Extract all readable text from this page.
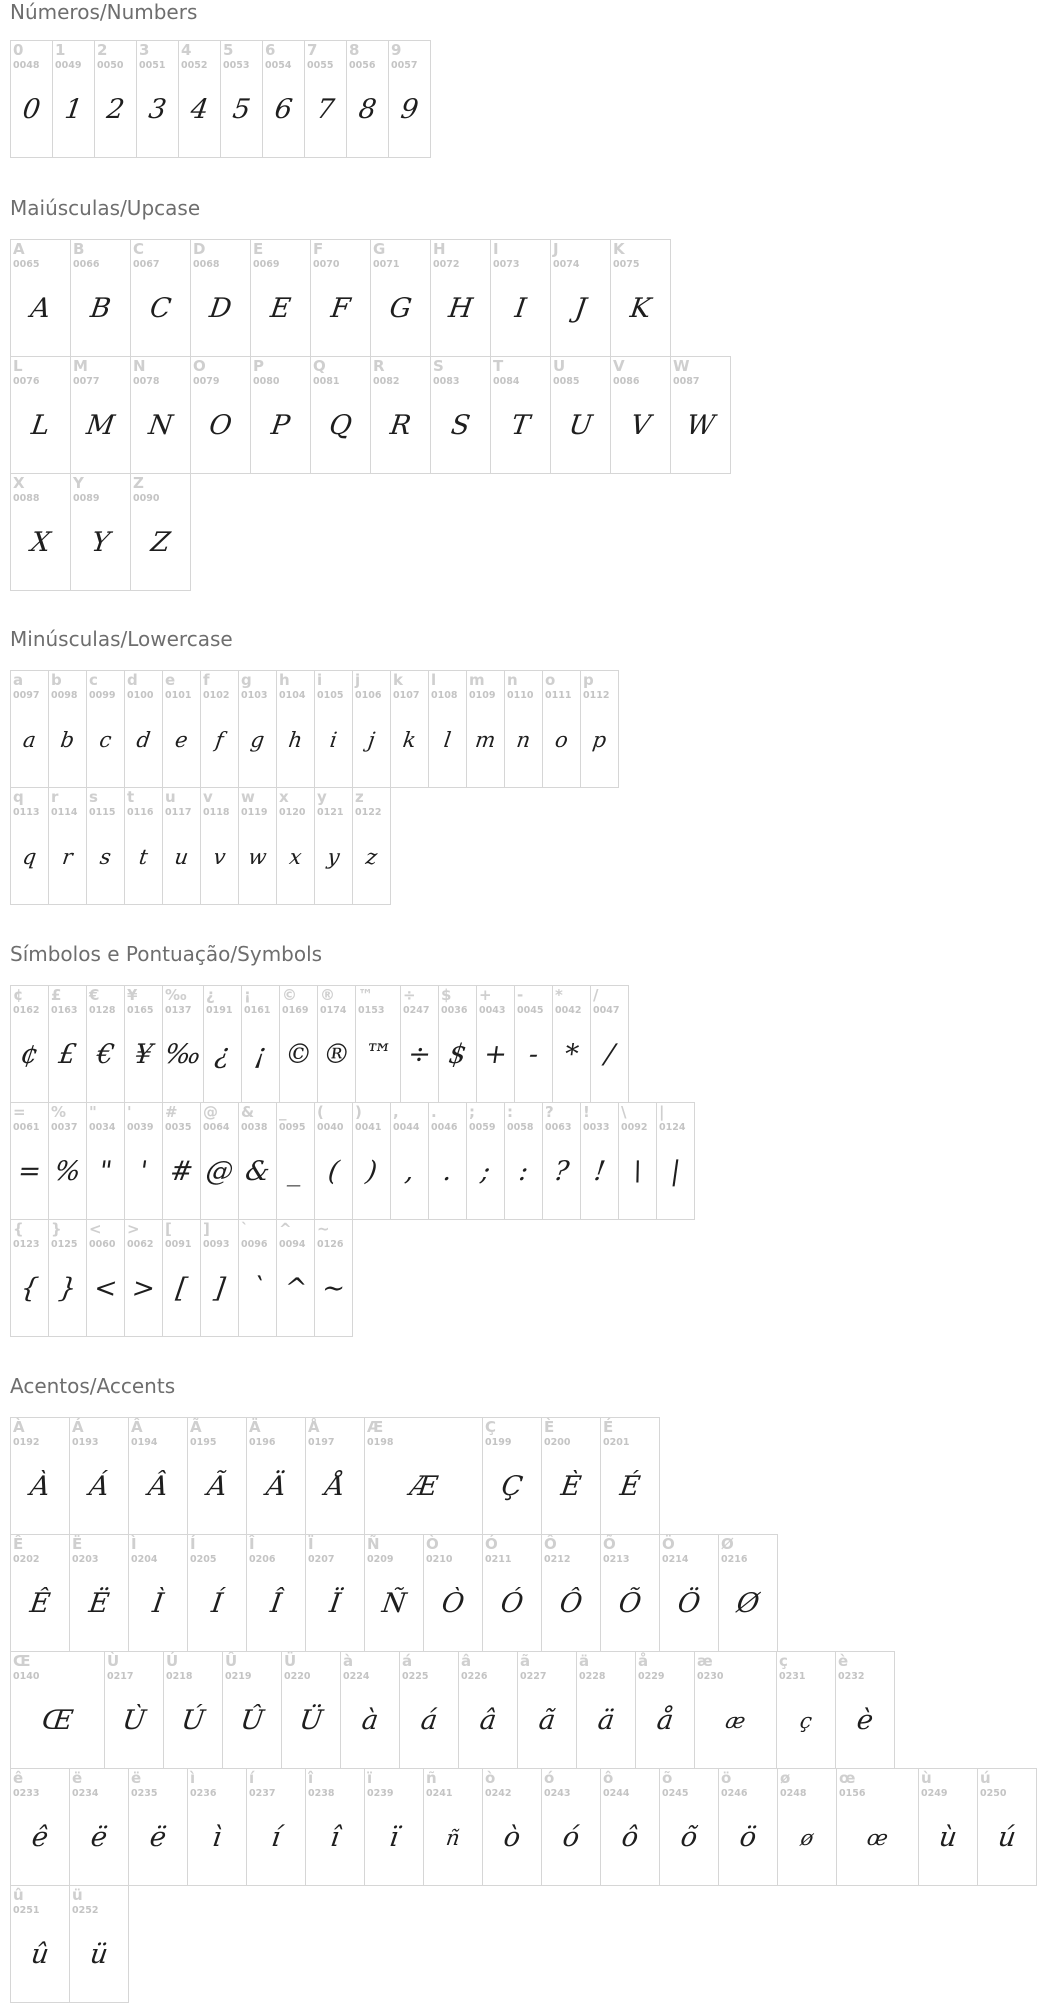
Números/Numbers
0
0048
0
1
0049
1
2
0050
2
3
0051
3
4
0052
4
5
0053
5
6
0054
6
7
0055
7
8
0056
8
9
0057
9
Maiúsculas/Upcase
A
0065
A
B
0066
B
C
0067
C
D
0068
D
E
0069
E
F
0070
F
G
0071
G
H
0072
H
I
0073
I
J
0074
J
K
0075
K
L
0076
L
M
0077
M
N
0078
N
O
0079
O
P
0080
P
Q
0081
Q
R
0082
R
S
0083
S
T
0084
T
U
0085
U
V
0086
V
W
0087
W
X
0088
X
Y
0089
Y
Z
0090
Z
Minúsculas/Lowercase
a
0097
a
b
0098
b
c
0099
c
d
0100
d
e
0101
e
f
0102
f
g
0103
g
h
0104
h
i
0105
i
j
0106
j
k
0107
k
l
0108
l
m
0109
m
n
0110
n
o
0111
o
p
0112
p
q
0113
q
r
0114
r
s
0115
s
t
0116
t
u
0117
u
v
0118
v
w
0119
w
x
0120
x
y
0121
y
z
0122
z
Símbolos e Pontuação/Symbols
¢
0162
¢
£
0163
£
€
0128
€
¥
0165
¥
‰
0137
‰
¿
0191
¿
¡
0161
¡
©
0169
©
®
0174
®
™
0153
™
÷
0247
÷
$
0036
$
+
0043
+
-
0045
-
*
0042
*
/
0047
/
=
0061
=
%
0037
%
"
0034
"
'
0039
'
#
0035
#
@
0064
@
&
0038
&
_
0095
_
(
0040
(
)
0041
)
,
0044
,
.
0046
.
;
0059
;
:
0058
:
?
0063
?
!
0033
!
\
0092
\
|
0124
|
{
0123
{
}
0125
}
<
0060
<
>
0062
>
[
0091
[
]
0093
]
`
0096
`
^
0094
^
~
0126
~
Acentos/Accents
À
0192
À
Á
0193
Á
Â
0194
Â
Ã
0195
Ã
Ä
0196
Ä
Å
0197
Å
Æ
0198
Æ
Ç
0199
Ç
È
0200
È
É
0201
É
Ê
0202
Ê
Ë
0203
Ë
Ì
0204
Ì
Í
0205
Í
Î
0206
Î
Ï
0207
Ï
Ñ
0209
Ñ
Ò
0210
Ò
Ó
0211
Ó
Ô
0212
Ô
Õ
0213
Õ
Ö
0214
Ö
Ø
0216
Ø
Œ
0140
Œ
Ù
0217
Ù
Ú
0218
Ú
Û
0219
Û
Ü
0220
Ü
à
0224
à
á
0225
á
â
0226
â
ã
0227
ã
ä
0228
ä
å
0229
å
æ
0230
æ
ç
0231
ç
è
0232
è
ê
0233
ê
ë
0234
ë
ë
0235
ë
ì
0236
ì
í
0237
í
î
0238
î
ï
0239
ï
ñ
0241
ñ
ò
0242
ò
ó
0243
ó
ô
0244
ô
õ
0245
õ
ö
0246
ö
ø
0248
ø
œ
0156
œ
ù
0249
ù
ú
0250
ú
û
0251
û
ü
0252
ü
